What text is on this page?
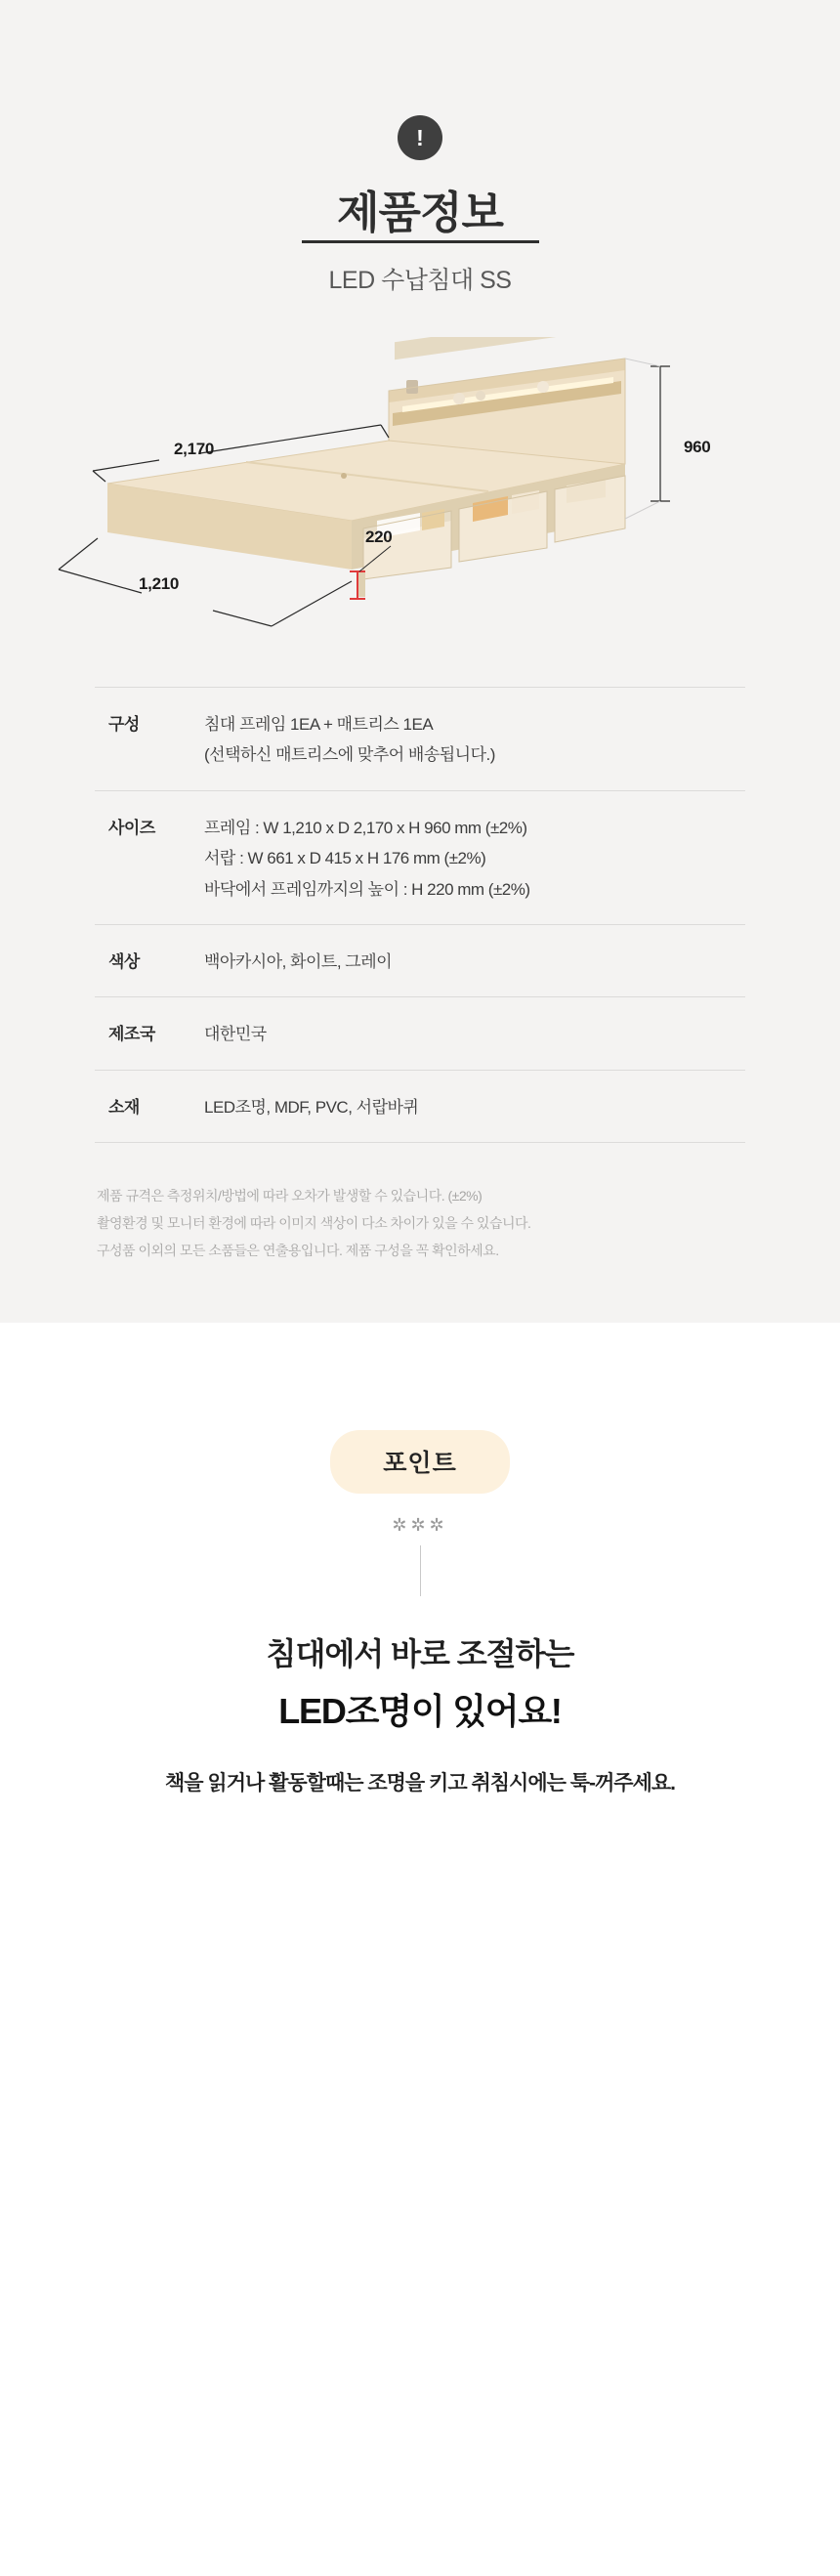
!
제품정보
LED 수납침대 SS
2,170	960
220
1,210
구성	침대 프레임 1EA + 매트리스 1EA
(선택하신 매트리스에 맞추어 배송됩니다.)
사이즈	프레임 : W 1,210 x D 2,170 x H 960 mm (±2%)
서랍 : W 661 x D 415 x H 176 mm (±2%)
바닥에서 프레임까지의 높이 : H 220 mm (±2%)
색상	백아카시아, 화이트, 그레이
제조국	대한민국
소재	LED조명, MDF, PVC, 서랍바퀴
제품 규격은 측정위치/방법에 따라 오차가 발생할 수 있습니다. (±2%)
촬영환경 및 모니터 환경에 따라 이미지 색상이 다소 차이가 있을 수 있습니다.
구성품 이외의 모든 소품들은 연출용입니다. 제품 구성을 꼭 확인하세요.
포인트
✲✲✲
침대에서 바로 조절하는
LED조명이 있어요!
책을 읽거나 활동할때는 조명을 키고 취침시에는 툭-꺼주세요.
